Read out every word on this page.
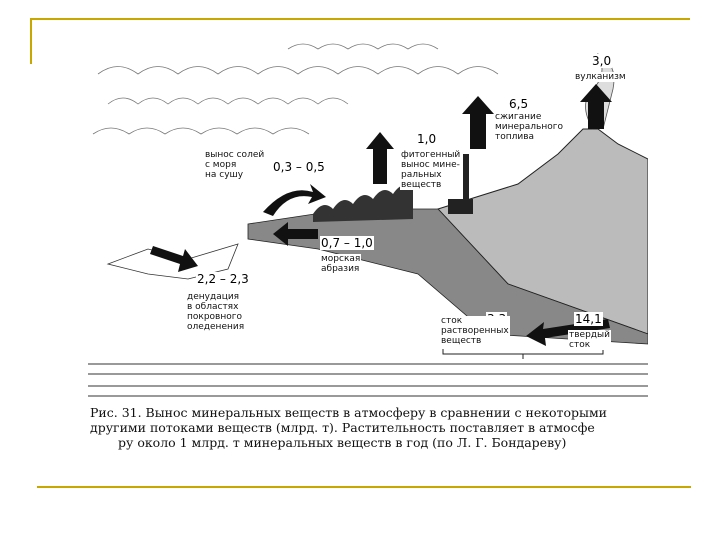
вынос солей
с моря
на сушу
0,3 – 0,5
1,0
фитогенный
вынос мине-
ральных
веществ
6,5
сжигание
минерального
топлива
3,0
вулканизм
0,7 – 1,0
морская
абразия
2,2 – 2,3
денудация
в областях
покровного
оледенения
сток
растворенных
веществ
14,1
твердый
сток
Рис. 31. Вынос минеральных веществ в атмосферу в сравнении с некоторыми
другими потоками веществ (млрд. т). Растительность поставляет в атмосфе
ру около 1 млрд. т минеральных веществ в год (по Л. Г. Бондареву)
